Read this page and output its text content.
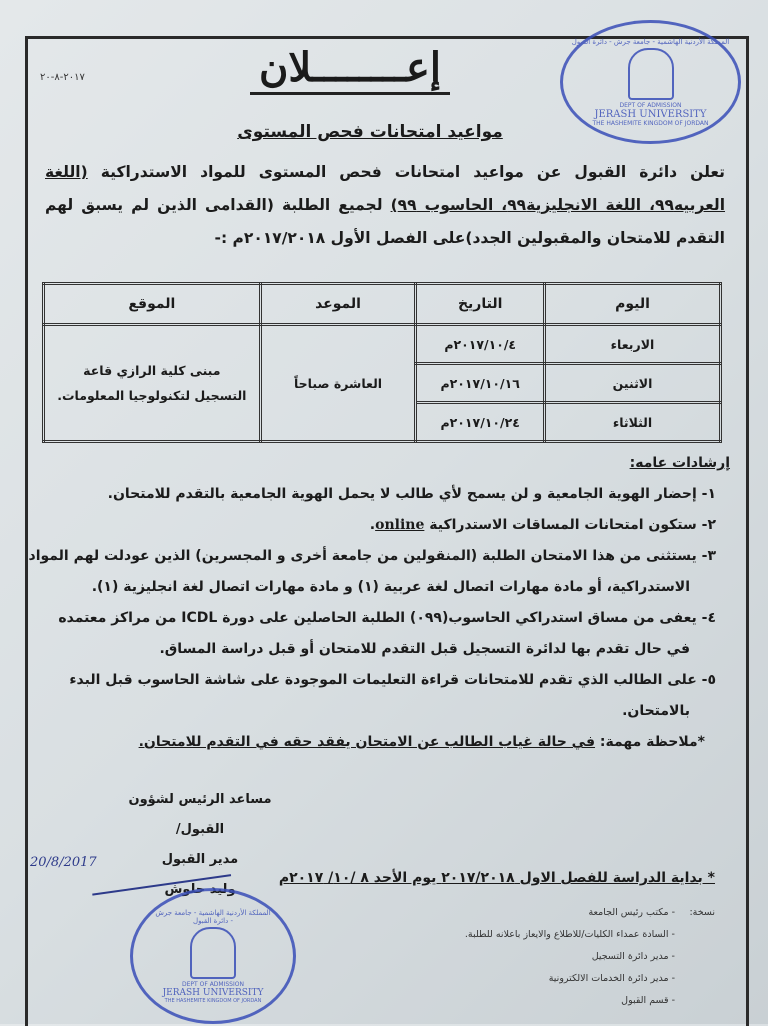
إعــــــــلان
٢٠١٧-٨-٢٠
المملكة الأردنية الهاشمية - جامعة جرش - دائرة القبول
DEPT OF ADMISSION
JERASH UNIVERSITY
THE HASHEMITE KINGDOM OF JORDAN
مواعيد امتحانات فحص المستوى
تعلن دائرة القبول عن مواعيد امتحانات فحص المستوى للمواد الاستدراكية (اللغة العربيه٩٩، اللغة الانجليزية٩٩، الحاسوب ٩٩) لجميع الطلبة (القدامى الذين لم يسبق لهم التقدم للامتحان والمقبولين الجدد)على الفصل الأول ٢٠١٧/٢٠١٨م :-
اليوم	التاريخ	الموعد	الموقع
الاربعاء	٢٠١٧/١٠/٤م	العاشرة صباحاً	مبنى كلية الرازي قاعة
التسجيل لتكنولوجيا المعلومات.

الاثنين	٢٠١٧/١٠/١٦م		
الثلاثاء	٢٠١٧/١٠/٢٤م		
إرشادات عامه:
١- إحضار الهوية الجامعية و لن يسمح لأي طالب لا يحمل الهوية الجامعية بالتقدم للامتحان.
٢- ستكون امتحانات المساقات الاستدراكية online.
٣- يستثنى من هذا الامتحان الطلبة (المنقولين من جامعة أخرى و المجسرين) الذين عودلت لهم المواد
الاستدراكية، أو مادة مهارات اتصال لغة عربية (١) و مادة مهارات اتصال لغة انجليزية (١).
٤- يعفى من مساق استدراكي الحاسوب(٠٩٩) الطلبة الحاصلين على دورة ICDL من مراكز معتمده
في حال تقدم بها لدائرة التسجيل قبل التقدم للامتحان أو قبل دراسة المساق.
٥- على الطالب الذي تقدم للامتحانات قراءة التعليمات الموجودة على شاشة الحاسوب قبل البدء
بالامتحان.
*ملاحظة مهمة: في حالة غياب الطالب عن الامتحان يفقد حقه في التقدم للامتحان.
مساعد الرئيس لشؤون القبول/
مدير القبول
وليد حلوش
20/8/2017
* بداية الدراسة للفصل الاول ٢٠١٧/٢٠١٨ يوم الأحد ٨ /١٠/ ٢٠١٧م
المملكة الأردنية الهاشمية - جامعة جرش - دائرة القبول
DEPT OF ADMISSION
JERASH UNIVERSITY
THE HASHEMITE KINGDOM OF JORDAN
نسخة:
- مكتب رئيس الجامعة
- السادة عمداء الكليات/للاطلاع والايعاز باعلانه للطلبة.
- مدير دائرة التسجيل
- مدير دائرة الخدمات الالكترونية
- قسم القبول
